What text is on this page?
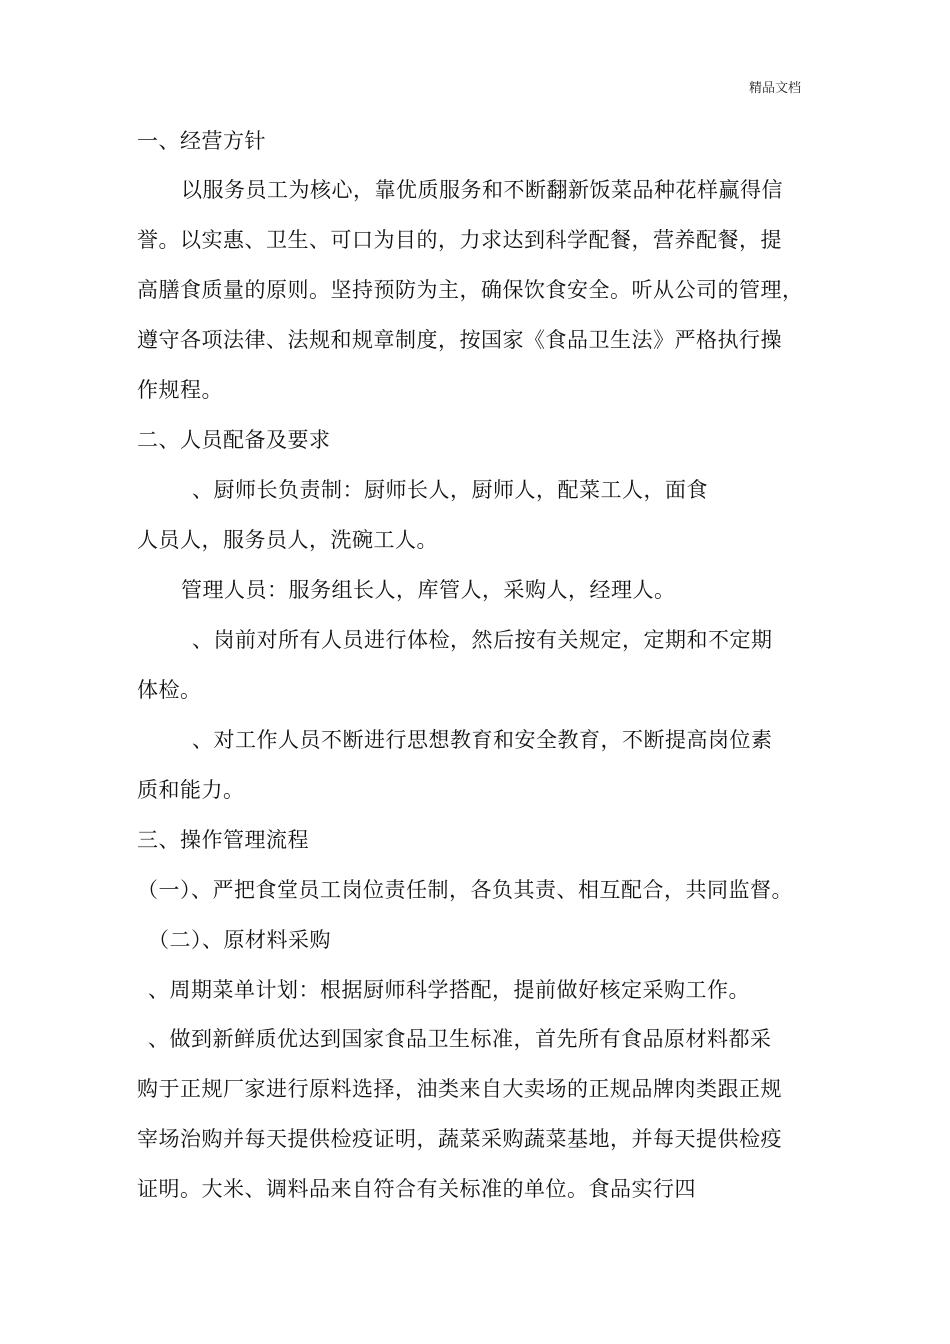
精品文档
一、经营方针
以服务员工为核心，靠优质服务和不断翻新饭菜品种花样赢得信
誉。以实惠、卫生、可口为目的，力求达到科学配餐，营养配餐，提
高膳食质量的原则。坚持预防为主，确保饮食安全。听从公司的管理，
遵守各项法律、法规和规章制度，按国家《食品卫生法》严格执行操
作规程。
二、人员配备及要求
、厨师长负责制：厨师长人，厨师人，配菜工人，面食
人员人，服务员人，洗碗工人。
管理人员：服务组长人，库管人，采购人，经理人。
、岗前对所有人员进行体检，然后按有关规定，定期和不定期
体检。
、对工作人员不断进行思想教育和安全教育，不断提高岗位素
质和能力。
三、操作管理流程
（一）、严把食堂员工岗位责任制，各负其责、相互配合，共同监督。
（二）、原材料采购
、周期菜单计划：根据厨师科学搭配，提前做好核定采购工作。
、做到新鲜质优达到国家食品卫生标准，首先所有食品原材料都采
购于正规厂家进行原料选择，油类来自大卖场的正规品牌肉类跟正规
宰场治购并每天提供检疫证明，蔬菜采购蔬菜基地，并每天提供检疫
证明。大米、调料品来自符合有关标准的单位。食品实行四
